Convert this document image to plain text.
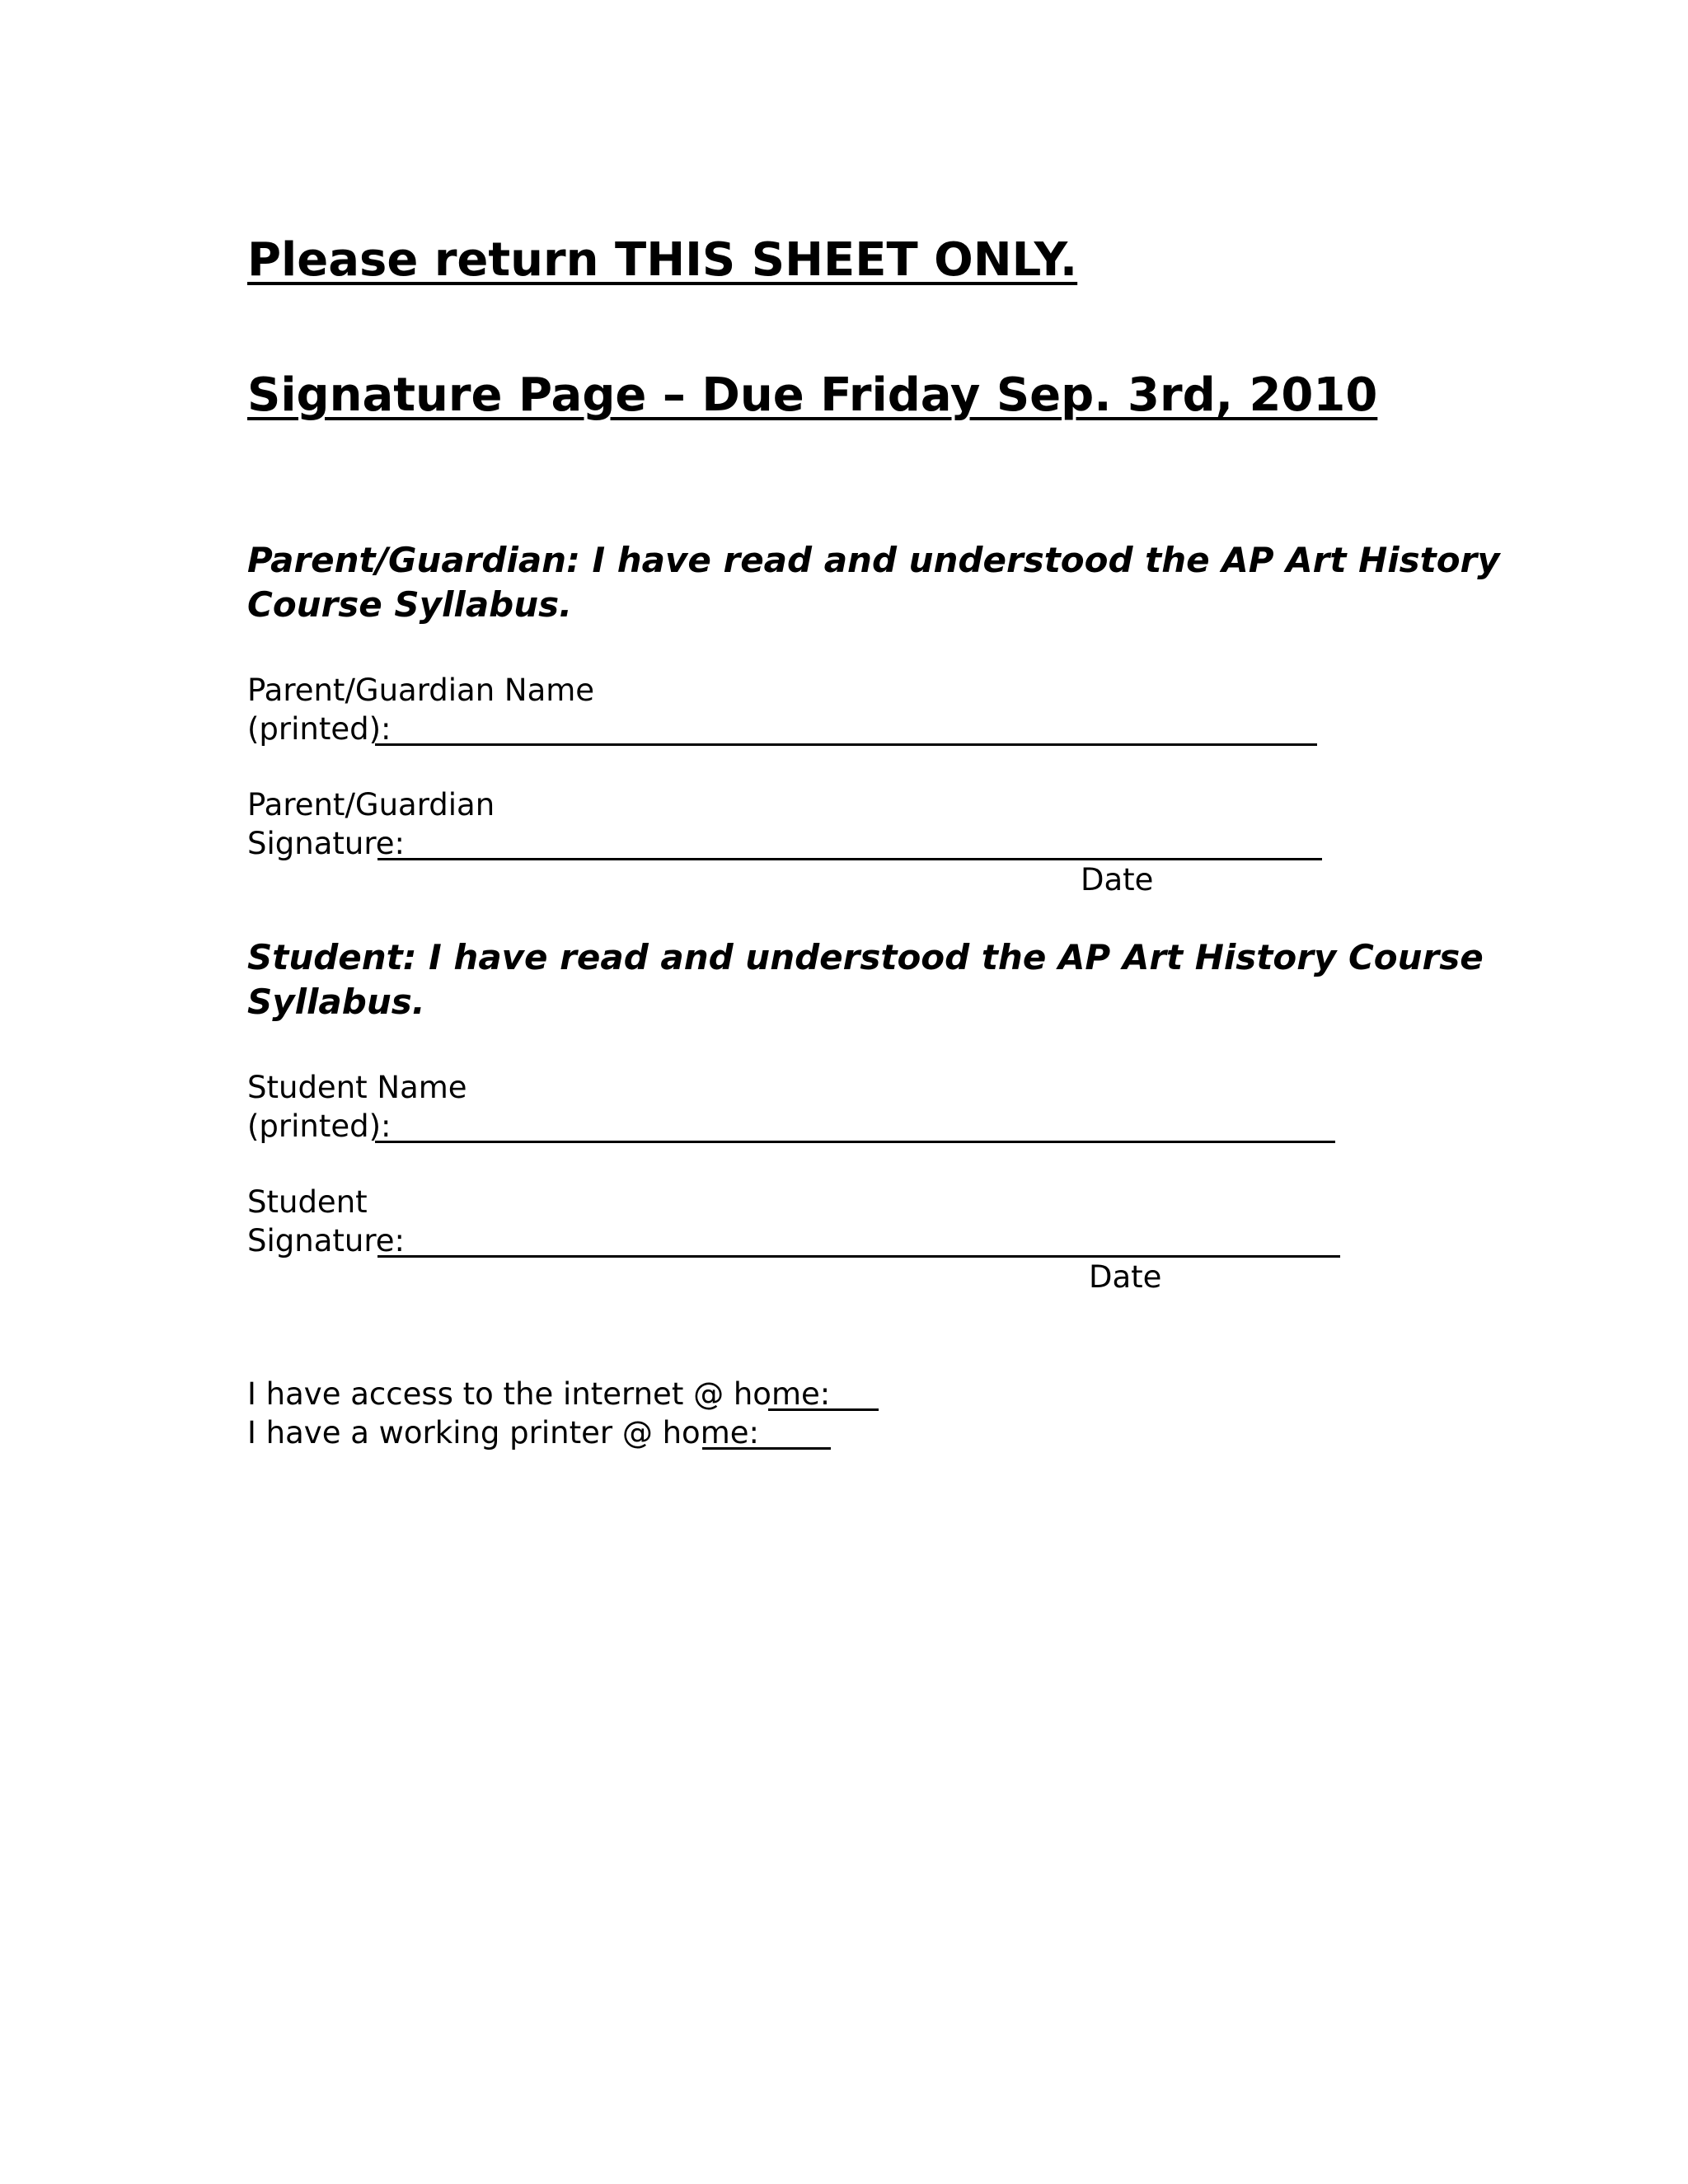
Please return THIS SHEET ONLY.
Signature Page – Due Friday Sep. 3rd, 2010
Parent/Guardian: I have read and understood the AP Art History
Course Syllabus.
Parent/Guardian Name
(printed):
Parent/Guardian
Signature:
Date
Student: I have read and understood the AP Art History Course
Syllabus.
Student Name
(printed):
Student
Signature:
Date
I have access to the internet @ home:
I have a working printer @ home:
